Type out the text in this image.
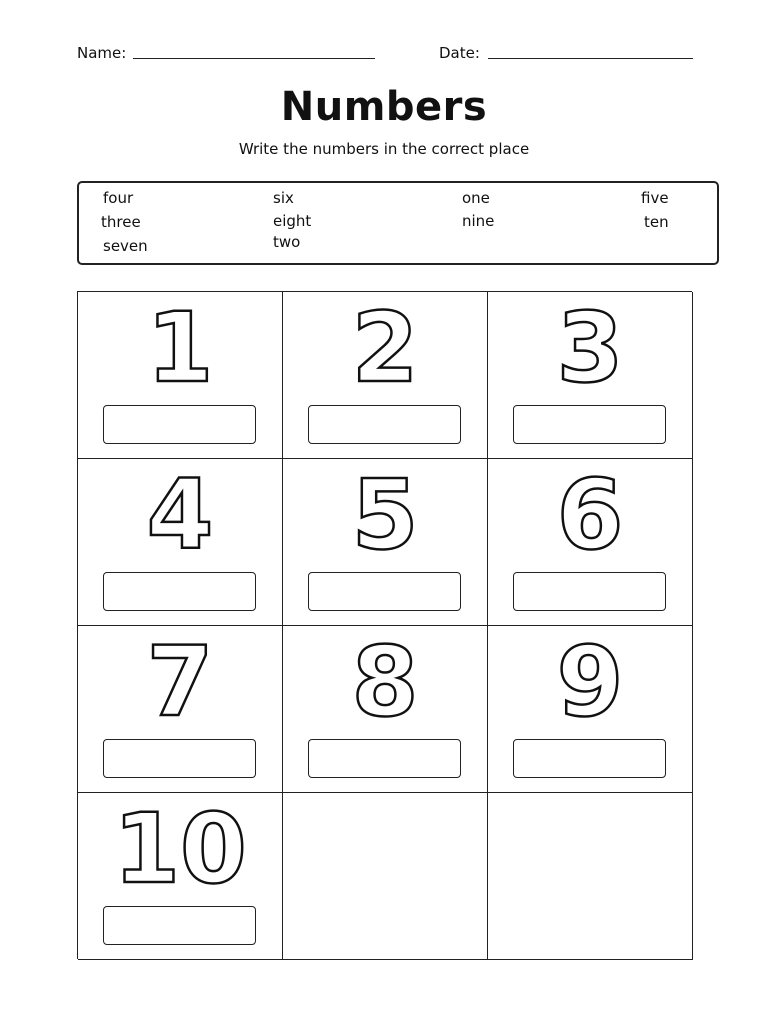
Name:	Date:
Numbers
Write the numbers in the correct place
four
three
seven
six
eight
two
one
nine
five
ten
1	2	3
4	5	6
7	8	9
10
